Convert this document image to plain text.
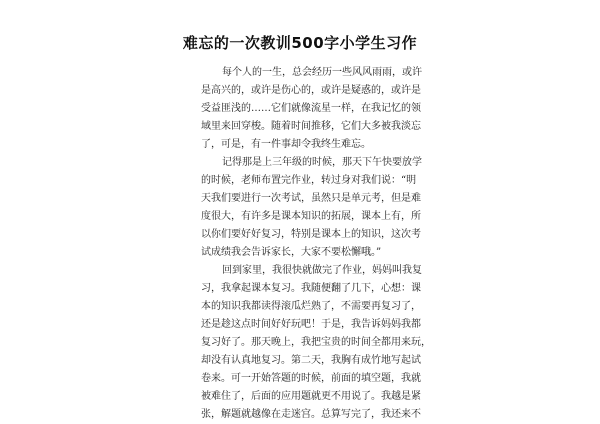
难忘的一次教训500字小学生习作
每个人的一生，总会经历一些风风雨雨，或许
是高兴的，或许是伤心的，或许是疑惑的，或许是
受益匪浅的……它们就像流星一样，在我记忆的领
域里来回穿梭。随着时间推移，它们大多被我淡忘
了，可是，有一件事却令我终生难忘。
记得那是上三年级的时候，那天下午快要放学
的时候，老师布置完作业，转过身对我们说：“明
天我们要进行一次考试，虽然只是单元考，但是难
度很大，有许多是课本知识的拓展，课本上有，所
以你们要好好复习，特别是课本上的知识，这次考
试成绩我会告诉家长，大家不要松懈哦。”
回到家里，我很快就做完了作业，妈妈叫我复
习，我拿起课本复习。我随便翻了几下，心想：课
本的知识我都读得滚瓜烂熟了，不需要再复习了，
还是趁这点时间好好玩吧！于是，我告诉妈妈我都
复习好了。那天晚上，我把宝贵的时间全都用来玩，
却没有认真地复习。第二天，我胸有成竹地写起试
卷来。可一开始答题的时候，前面的填空题，我就
被难住了，后面的应用题就更不用说了。我越是紧
张，解题就越像在走迷宫。总算写完了，我还来不
